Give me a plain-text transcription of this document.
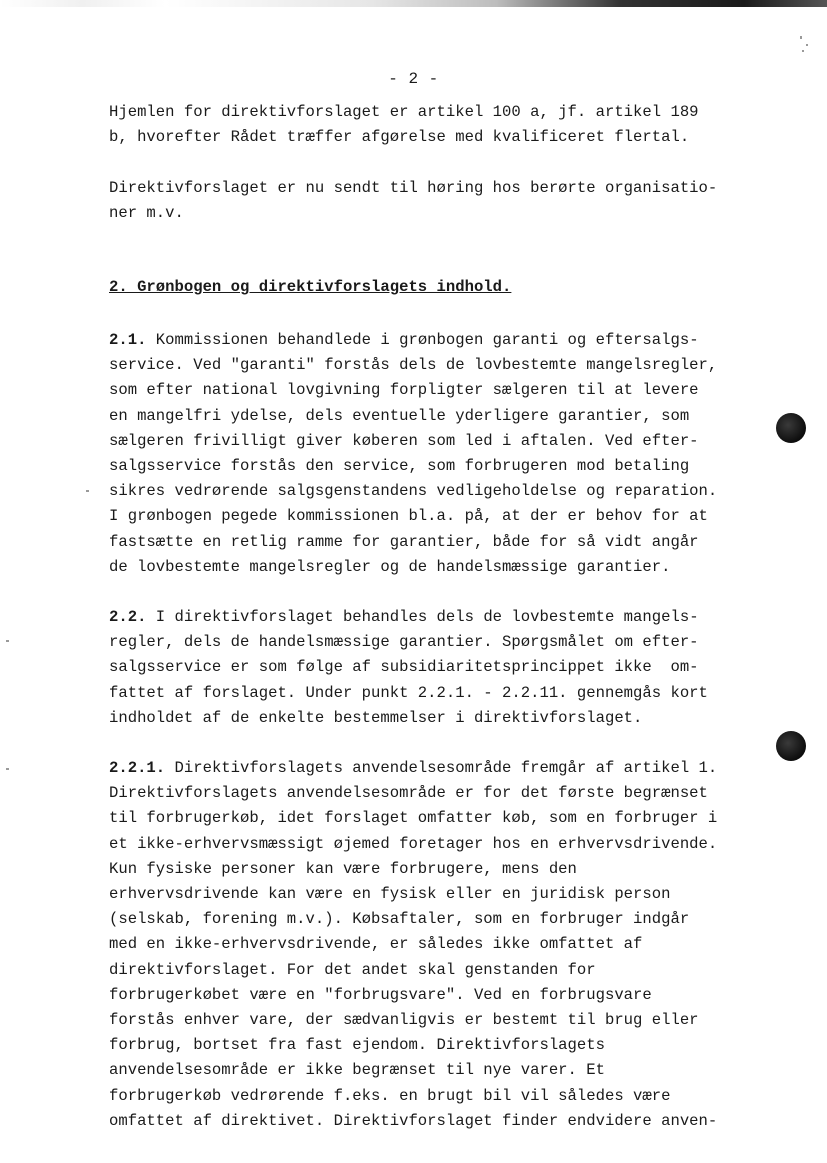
- 2 -
Hjemlen for direktivforslaget er artikel 100 a, jf. artikel 189
b, hvorefter Rådet træffer afgørelse med kvalificeret flertal.
Direktivforslaget er nu sendt til høring hos berørte organisatio-
ner m.v.
2. Grønbogen og direktivforslagets indhold.
2.1. Kommissionen behandlede i grønbogen garanti og eftersalgs-
service. Ved "garanti" forstås dels de lovbestemte mangelsregler,
som efter national lovgivning forpligter sælgeren til at levere
en mangelfri ydelse, dels eventuelle yderligere garantier, som
sælgeren frivilligt giver køberen som led i aftalen. Ved efter-
salgsservice forstås den service, som forbrugeren mod betaling
sikres vedrørende salgsgenstandens vedligeholdelse og reparation.
I grønbogen pegede kommissionen bl.a. på, at der er behov for at
fastsætte en retlig ramme for garantier, både for så vidt angår
de lovbestemte mangelsregler og de handelsmæssige garantier.
2.2. I direktivforslaget behandles dels de lovbestemte mangels-
regler, dels de handelsmæssige garantier. Spørgsmålet om efter-
salgsservice er som følge af subsidiaritetsprincippet ikke  om-
fattet af forslaget. Under punkt 2.2.1. - 2.2.11. gennemgås kort
indholdet af de enkelte bestemmelser i direktivforslaget.
2.2.1. Direktivforslagets anvendelsesområde fremgår af artikel 1.
Direktivforslagets anvendelsesområde er for det første begrænset
til forbrugerkøb, idet forslaget omfatter køb, som en forbruger i
et ikke-erhvervsmæssigt øjemed foretager hos en erhvervsdrivende.
Kun fysiske personer kan være forbrugere, mens den
erhvervsdrivende kan være en fysisk eller en juridisk person
(selskab, forening m.v.). Købsaftaler, som en forbruger indgår
med en ikke-erhvervsdrivende, er således ikke omfattet af
direktivforslaget. For det andet skal genstanden for
forbrugerkøbet være en "forbrugsvare". Ved en forbrugsvare
forstås enhver vare, der sædvanligvis er bestemt til brug eller
forbrug, bortset fra fast ejendom. Direktivforslagets
anvendelsesområde er ikke begrænset til nye varer. Et
forbrugerkøb vedrørende f.eks. en brugt bil vil således være
omfattet af direktivet. Direktivforslaget finder endvidere anven-
